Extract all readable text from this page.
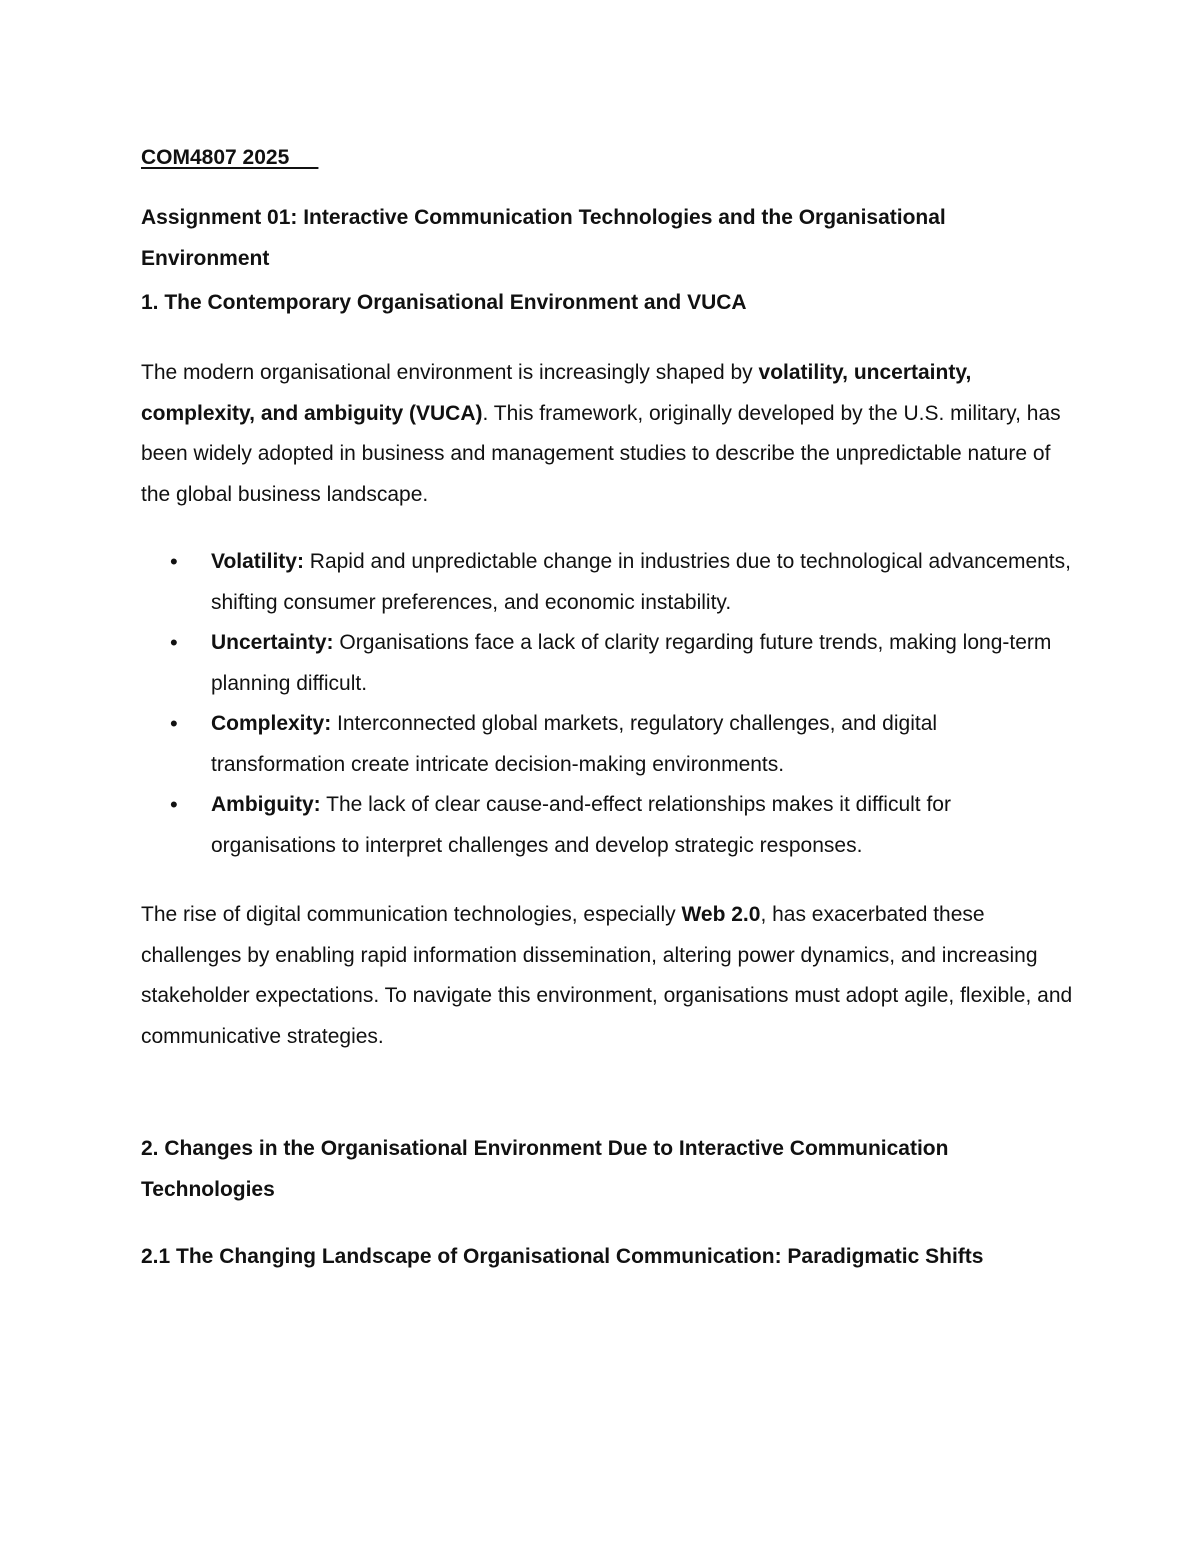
COM4807 2025
Assignment 01: Interactive Communication Technologies and the Organisational Environment
1. The Contemporary Organisational Environment and VUCA
The modern organisational environment is increasingly shaped by volatility, uncertainty, complexity, and ambiguity (VUCA). This framework, originally developed by the U.S. military, has been widely adopted in business and management studies to describe the unpredictable nature of the global business landscape.
• Volatility: Rapid and unpredictable change in industries due to technological advancements, shifting consumer preferences, and economic instability.
• Uncertainty: Organisations face a lack of clarity regarding future trends, making long-term planning difficult.
• Complexity: Interconnected global markets, regulatory challenges, and digital transformation create intricate decision-making environments.
• Ambiguity: The lack of clear cause-and-effect relationships makes it difficult for organisations to interpret challenges and develop strategic responses.
The rise of digital communication technologies, especially Web 2.0, has exacerbated these challenges by enabling rapid information dissemination, altering power dynamics, and increasing stakeholder expectations. To navigate this environment, organisations must adopt agile, flexible, and communicative strategies.
2. Changes in the Organisational Environment Due to Interactive Communication Technologies
2.1 The Changing Landscape of Organisational Communication: Paradigmatic Shifts
